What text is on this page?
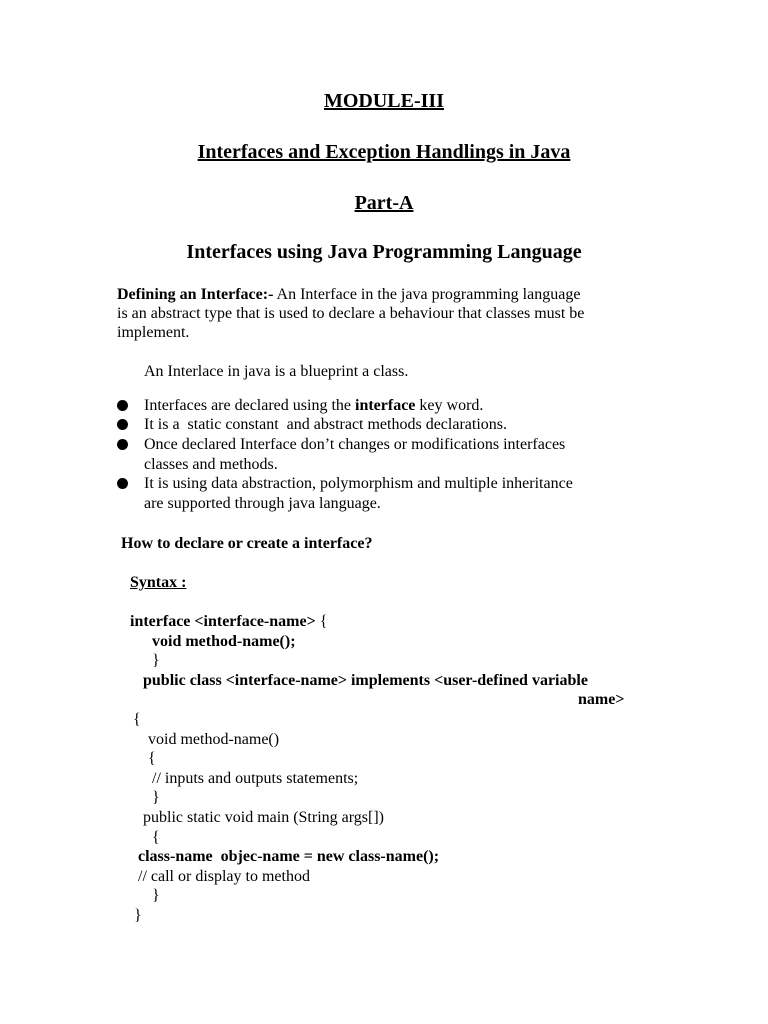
MODULE-III
Interfaces and Exception Handlings in Java
Part-A
Interfaces using Java Programming Language
Defining an Interface:- An Interface in the java programming language
is an abstract type that is used to declare a behaviour that classes must be
implement.
An Interlace in java is a blueprint a class.
Interfaces are declared using the interface key word.
It is a  static constant  and abstract methods declarations.
Once declared Interface don’t changes or modifications interfaces
classes and methods.
It is using data abstraction, polymorphism and multiple inheritance
are supported through java language.
How to declare or create a interface?
Syntax :
interface <interface-name> {
void method-name();
}
public class <interface-name> implements <user-defined variable
name>
{
void method-name()
{
// inputs and outputs statements;
}
public static void main (String args[])
{
class-name  objec-name = new class-name();
// call or display to method
}
}
